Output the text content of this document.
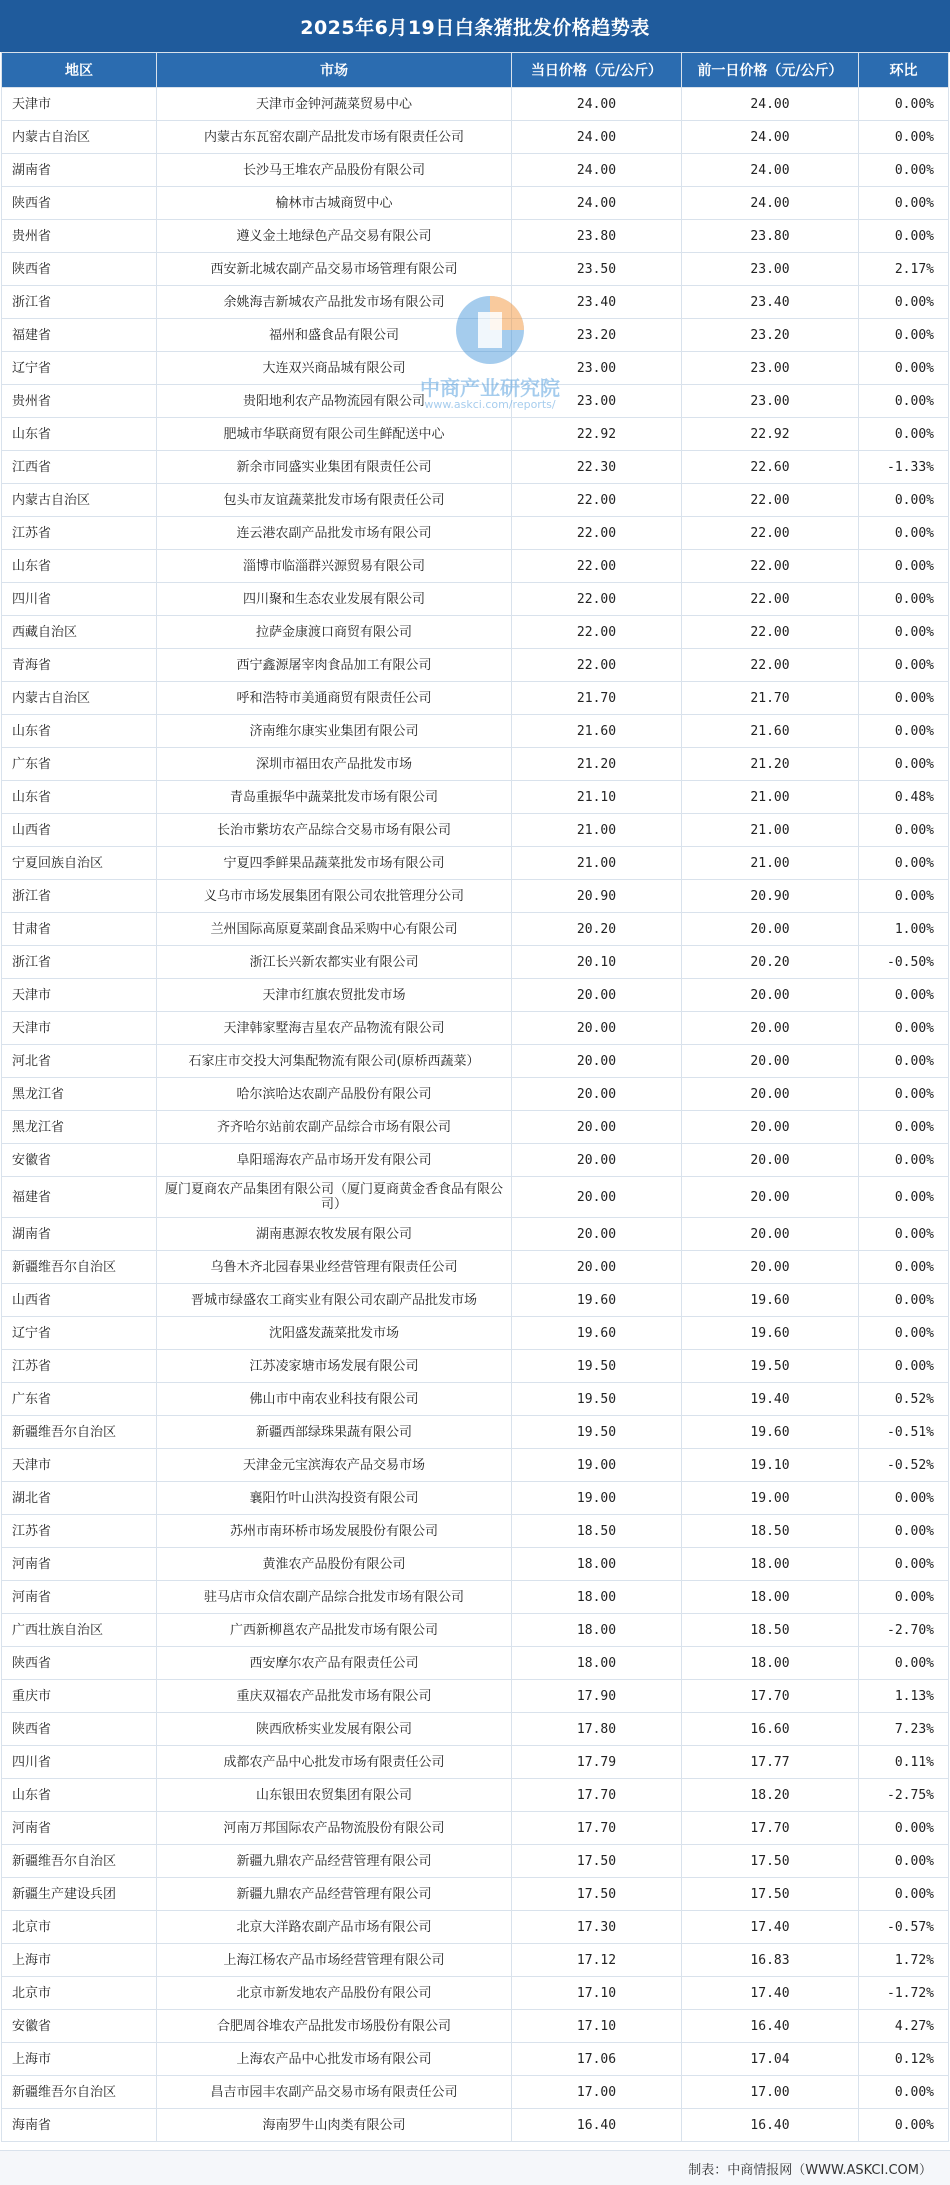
2025年6月19日白条猪批发价格趋势表
地区	市场	当日价格（元/公斤）	前一日价格（元/公斤）	环比
天津市	天津市金钟河蔬菜贸易中心	24.00	24.00	0.00%
内蒙古自治区	内蒙古东瓦窑农副产品批发市场有限责任公司	24.00	24.00	0.00%
湖南省	长沙马王堆农产品股份有限公司	24.00	24.00	0.00%
陕西省	榆林市古城商贸中心	24.00	24.00	0.00%
贵州省	遵义金土地绿色产品交易有限公司	23.80	23.80	0.00%
陕西省	西安新北城农副产品交易市场管理有限公司	23.50	23.00	2.17%
浙江省	余姚海吉新城农产品批发市场有限公司	23.40	23.40	0.00%
福建省	福州和盛食品有限公司	23.20	23.20	0.00%
辽宁省	大连双兴商品城有限公司	23.00	23.00	0.00%
贵州省	贵阳地利农产品物流园有限公司	23.00	23.00	0.00%
山东省	肥城市华联商贸有限公司生鲜配送中心	22.92	22.92	0.00%
江西省	新余市同盛实业集团有限责任公司	22.30	22.60	-1.33%
内蒙古自治区	包头市友谊蔬菜批发市场有限责任公司	22.00	22.00	0.00%
江苏省	连云港农副产品批发市场有限公司	22.00	22.00	0.00%
山东省	淄博市临淄群兴源贸易有限公司	22.00	22.00	0.00%
四川省	四川聚和生态农业发展有限公司	22.00	22.00	0.00%
西藏自治区	拉萨金康渡口商贸有限公司	22.00	22.00	0.00%
青海省	西宁鑫源屠宰肉食品加工有限公司	22.00	22.00	0.00%
内蒙古自治区	呼和浩特市美通商贸有限责任公司	21.70	21.70	0.00%
山东省	济南维尔康实业集团有限公司	21.60	21.60	0.00%
广东省	深圳市福田农产品批发市场	21.20	21.20	0.00%
山东省	青岛重振华中蔬菜批发市场有限公司	21.10	21.00	0.48%
山西省	长治市紫坊农产品综合交易市场有限公司	21.00	21.00	0.00%
宁夏回族自治区	宁夏四季鲜果品蔬菜批发市场有限公司	21.00	21.00	0.00%
浙江省	义乌市市场发展集团有限公司农批管理分公司	20.90	20.90	0.00%
甘肃省	兰州国际高原夏菜副食品采购中心有限公司	20.20	20.00	1.00%
浙江省	浙江长兴新农都实业有限公司	20.10	20.20	-0.50%
天津市	天津市红旗农贸批发市场	20.00	20.00	0.00%
天津市	天津韩家墅海吉星农产品物流有限公司	20.00	20.00	0.00%
河北省	石家庄市交投大河集配物流有限公司(原桥西蔬菜）	20.00	20.00	0.00%
黑龙江省	哈尔滨哈达农副产品股份有限公司	20.00	20.00	0.00%
黑龙江省	齐齐哈尔站前农副产品综合市场有限公司	20.00	20.00	0.00%
安徽省	阜阳瑶海农产品市场开发有限公司	20.00	20.00	0.00%
福建省	厦门夏商农产品集团有限公司（厦门夏商黄金香食品有限公司）	20.00	20.00	0.00%
湖南省	湖南惠源农牧发展有限公司	20.00	20.00	0.00%
新疆维吾尔自治区	乌鲁木齐北园春果业经营管理有限责任公司	20.00	20.00	0.00%
山西省	晋城市绿盛农工商实业有限公司农副产品批发市场	19.60	19.60	0.00%
辽宁省	沈阳盛发蔬菜批发市场	19.60	19.60	0.00%
江苏省	江苏凌家塘市场发展有限公司	19.50	19.50	0.00%
广东省	佛山市中南农业科技有限公司	19.50	19.40	0.52%
新疆维吾尔自治区	新疆西部绿珠果蔬有限公司	19.50	19.60	-0.51%
天津市	天津金元宝滨海农产品交易市场	19.00	19.10	-0.52%
湖北省	襄阳竹叶山洪沟投资有限公司	19.00	19.00	0.00%
江苏省	苏州市南环桥市场发展股份有限公司	18.50	18.50	0.00%
河南省	黄淮农产品股份有限公司	18.00	18.00	0.00%
河南省	驻马店市众信农副产品综合批发市场有限公司	18.00	18.00	0.00%
广西壮族自治区	广西新柳邕农产品批发市场有限公司	18.00	18.50	-2.70%
陕西省	西安摩尔农产品有限责任公司	18.00	18.00	0.00%
重庆市	重庆双福农产品批发市场有限公司	17.90	17.70	1.13%
陕西省	陕西欣桥实业发展有限公司	17.80	16.60	7.23%
四川省	成都农产品中心批发市场有限责任公司	17.79	17.77	0.11%
山东省	山东银田农贸集团有限公司	17.70	18.20	-2.75%
河南省	河南万邦国际农产品物流股份有限公司	17.70	17.70	0.00%
新疆维吾尔自治区	新疆九鼎农产品经营管理有限公司	17.50	17.50	0.00%
新疆生产建设兵团	新疆九鼎农产品经营管理有限公司	17.50	17.50	0.00%
北京市	北京大洋路农副产品市场有限公司	17.30	17.40	-0.57%
上海市	上海江杨农产品市场经营管理有限公司	17.12	16.83	1.72%
北京市	北京市新发地农产品股份有限公司	17.10	17.40	-1.72%
安徽省	合肥周谷堆农产品批发市场股份有限公司	17.10	16.40	4.27%
上海市	上海农产品中心批发市场有限公司	17.06	17.04	0.12%
新疆维吾尔自治区	昌吉市园丰农副产品交易市场有限责任公司	17.00	17.00	0.00%
海南省	海南罗牛山肉类有限公司	16.40	16.40	0.00%
中商产业研究院
www.askci.com/reports/
制表：中商情报网（WWW.ASKCI.COM）
